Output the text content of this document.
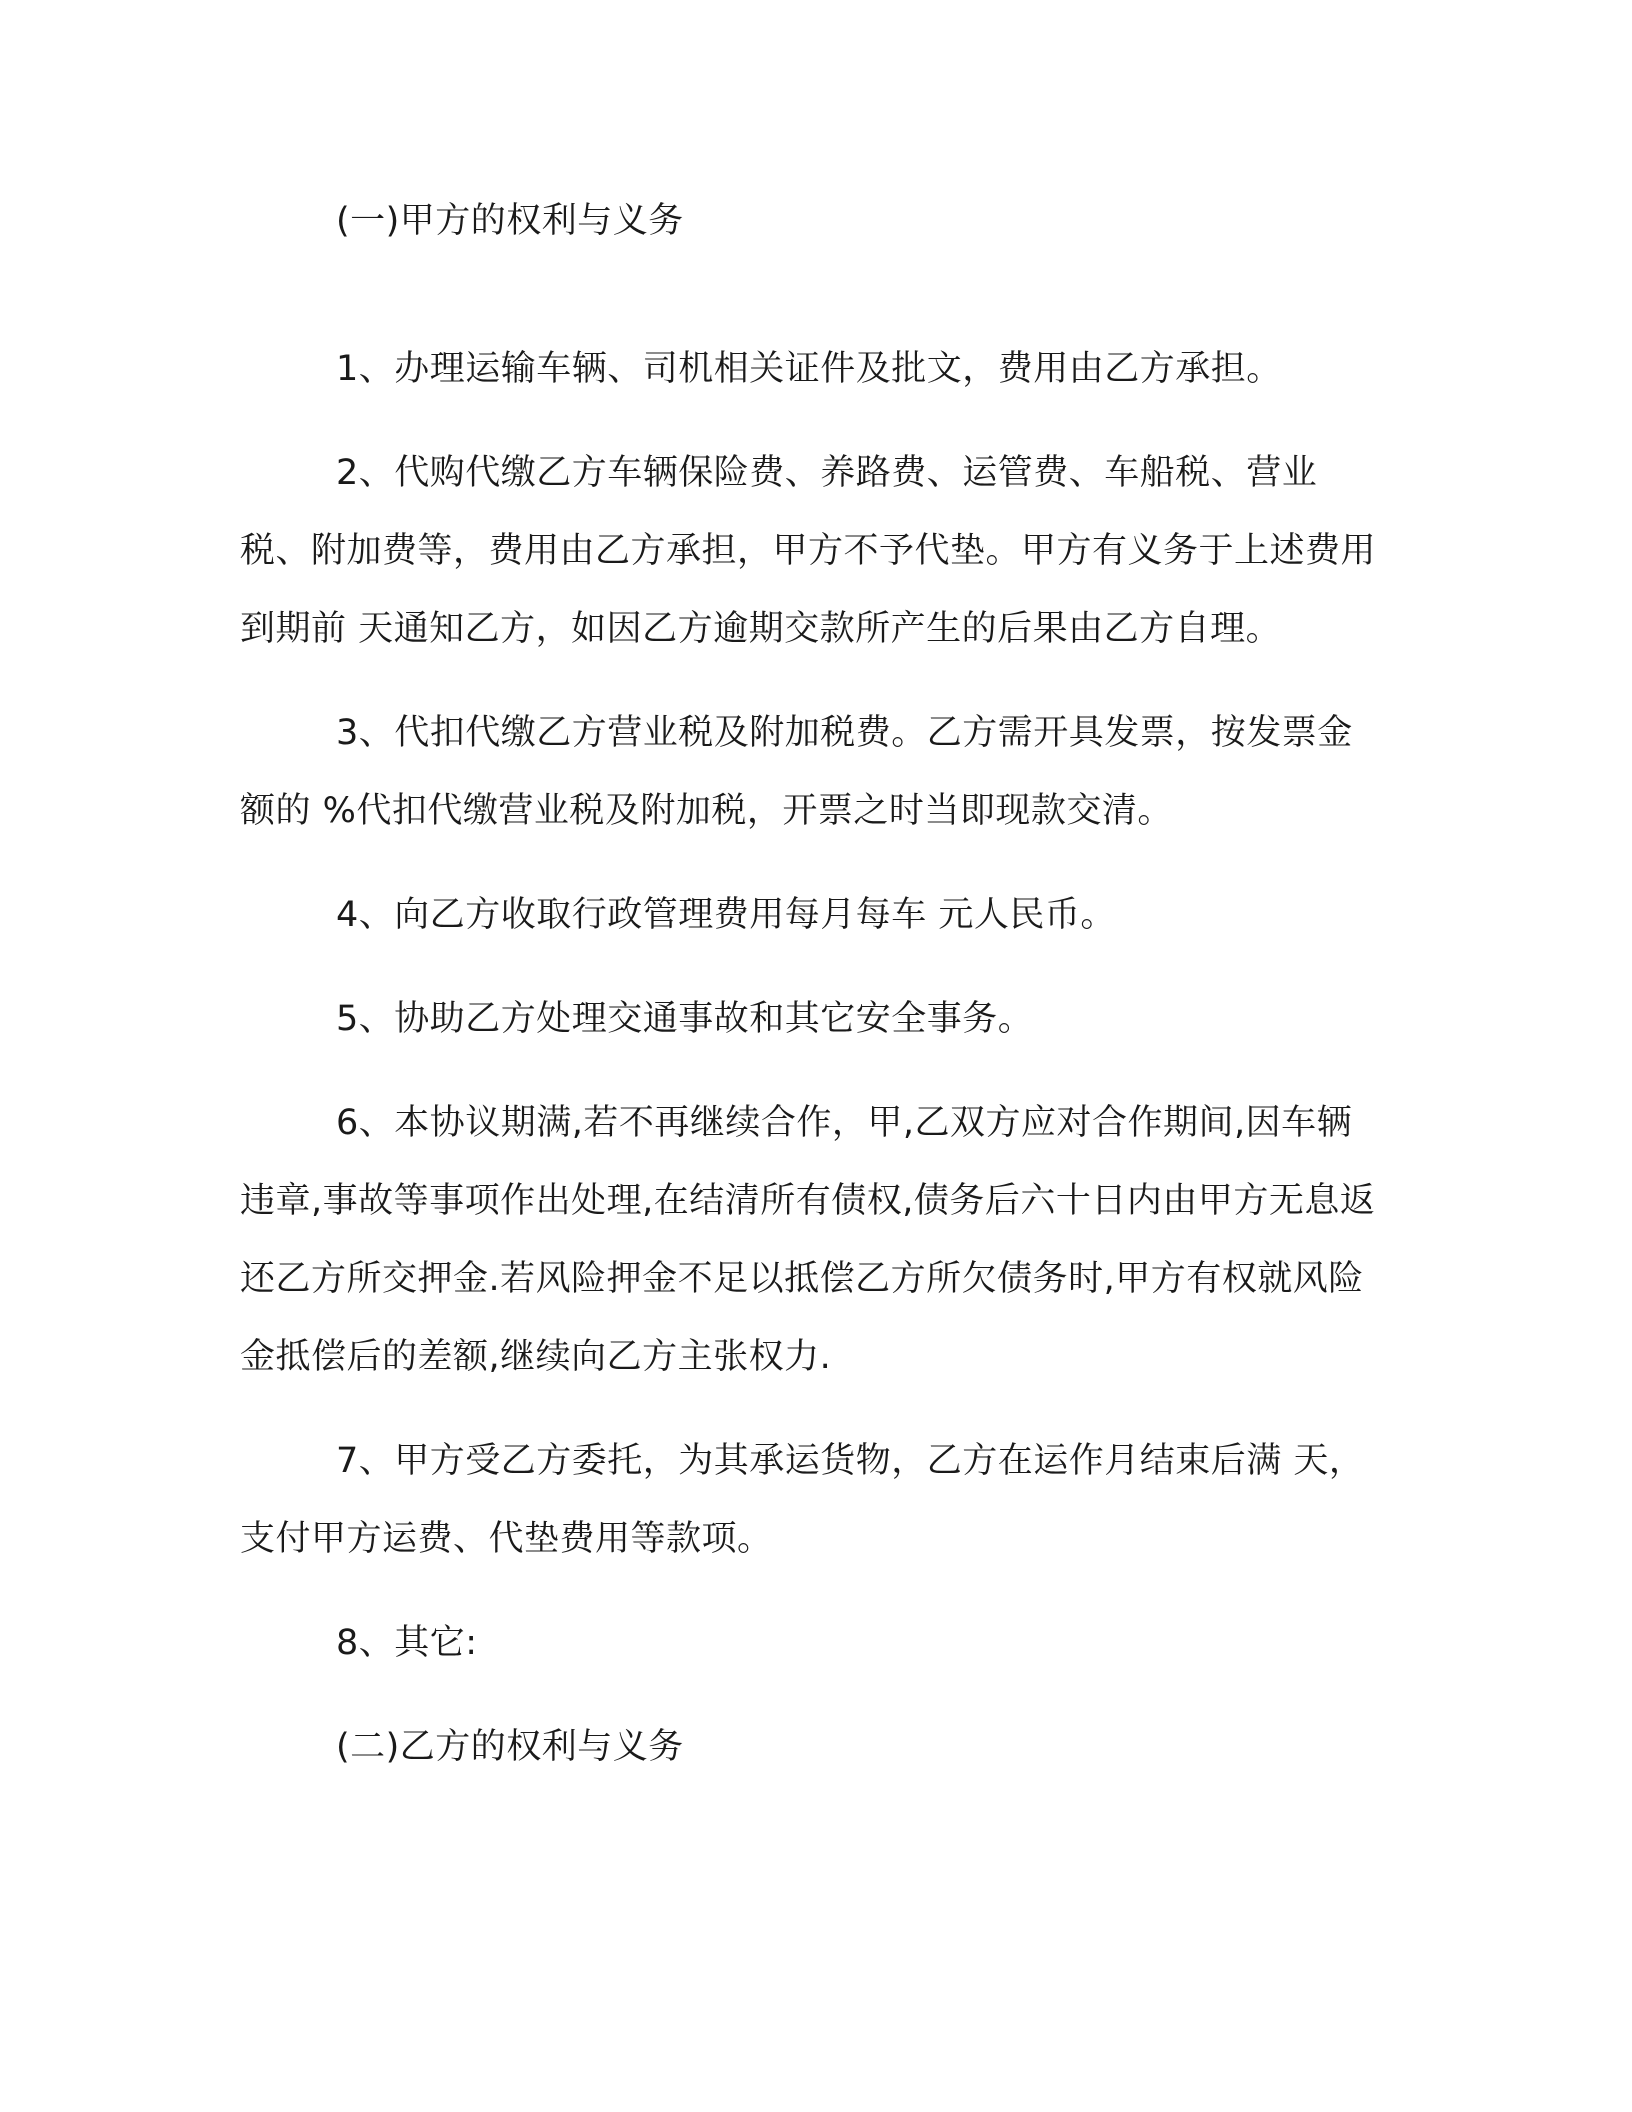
(一)甲方的权利与义务

1、办理运输车辆、司机相关证件及批文，费用由乙方承担。

2、代购代缴乙方车辆保险费、养路费、运管费、车船税、营业税、附加费等，费用由乙方承担，甲方不予代垫。甲方有义务于上述费用到期前 天通知乙方，如因乙方逾期交款所产生的后果由乙方自理。

3、代扣代缴乙方营业税及附加税费。乙方需开具发票，按发票金额的 %代扣代缴营业税及附加税，开票之时当即现款交清。

4、向乙方收取行政管理费用每月每车 元人民币。

5、协助乙方处理交通事故和其它安全事务。

6、本协议期满,若不再继续合作，甲,乙双方应对合作期间,因车辆违章,事故等事项作出处理,在结清所有债权,债务后六十日内由甲方无息返还乙方所交押金.若风险押金不足以抵偿乙方所欠债务时,甲方有权就风险金抵偿后的差额,继续向乙方主张权力.

7、甲方受乙方委托，为其承运货物，乙方在运作月结束后满 天，支付甲方运费、代垫费用等款项。

8、其它:

(二)乙方的权利与义务
